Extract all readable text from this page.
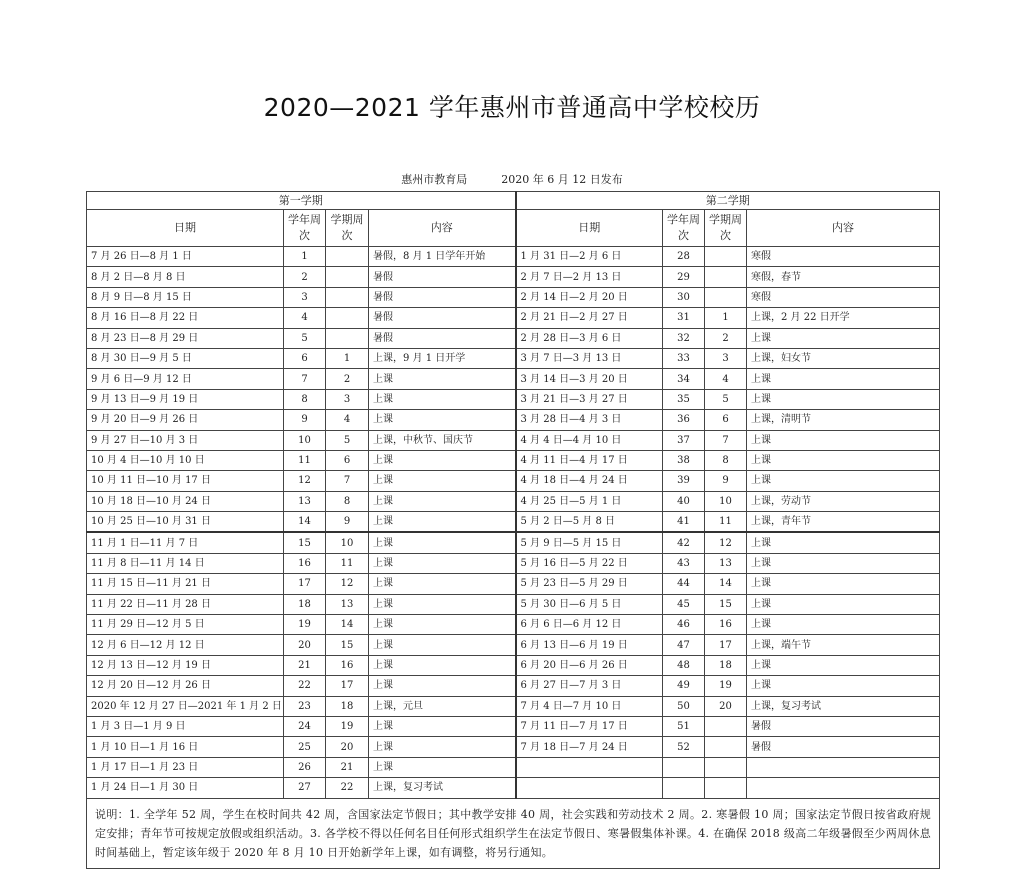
2020—2021 学年惠州市普通高中学校校历
惠州市教育局	2020 年 6 月 12 日发布
第一学期				第二学期			
日期	学年周次	学期周次	内容	日期	学年周次	学期周次	内容
7 月 26 日—8 月 1 日	1		暑假，8 月 1 日学年开始	1 月 31 日—2 月 6 日	28		寒假
8 月 2 日—8 月 8 日	2		暑假	2 月 7 日—2 月 13 日	29		寒假，春节
8 月 9 日—8 月 15 日	3		暑假	2 月 14 日—2 月 20 日	30		寒假
8 月 16 日—8 月 22 日	4		暑假	2 月 21 日—2 月 27 日	31	1	上课，2 月 22 日开学
8 月 23 日—8 月 29 日	5		暑假	2 月 28 日—3 月 6 日	32	2	上课
8 月 30 日—9 月 5 日	6	1	上课，9 月 1 日开学	3 月 7 日—3 月 13 日	33	3	上课，妇女节
9 月 6 日—9 月 12 日	7	2	上课	3 月 14 日—3 月 20 日	34	4	上课
9 月 13 日—9 月 19 日	8	3	上课	3 月 21 日—3 月 27 日	35	5	上课
9 月 20 日—9 月 26 日	9	4	上课	3 月 28 日—4 月 3 日	36	6	上课，清明节
9 月 27 日—10 月 3 日	10	5	上课，中秋节、国庆节	4 月 4 日—4 月 10 日	37	7	上课
10 月 4 日—10 月 10 日	11	6	上课	4 月 11 日—4 月 17 日	38	8	上课
10 月 11 日—10 月 17 日	12	7	上课	4 月 18 日—4 月 24 日	39	9	上课
10 月 18 日—10 月 24 日	13	8	上课	4 月 25 日—5 月 1 日	40	10	上课，劳动节
10 月 25 日—10 月 31 日	14	9	上课	5 月 2 日—5 月 8 日	41	11	上课，青年节
11 月 1 日—11 月 7 日	15	10	上课	5 月 9 日—5 月 15 日	42	12	上课
11 月 8 日—11 月 14 日	16	11	上课	5 月 16 日—5 月 22 日	43	13	上课
11 月 15 日—11 月 21 日	17	12	上课	5 月 23 日—5 月 29 日	44	14	上课
11 月 22 日—11 月 28 日	18	13	上课	5 月 30 日—6 月 5 日	45	15	上课
11 月 29 日—12 月 5 日	19	14	上课	6 月 6 日—6 月 12 日	46	16	上课
12 月 6 日—12 月 12 日	20	15	上课	6 月 13 日—6 月 19 日	47	17	上课，端午节
12 月 13 日—12 月 19 日	21	16	上课	6 月 20 日—6 月 26 日	48	18	上课
12 月 20 日—12 月 26 日	22	17	上课	6 月 27 日—7 月 3 日	49	19	上课
2020 年 12 月 27 日—2021 年 1 月 2 日	23	18	上课，元旦	7 月 4 日—7 月 10 日	50	20	上课，复习考试
1 月 3 日—1 月 9 日	24	19	上课	7 月 11 日—7 月 17 日	51		暑假
1 月 10 日—1 月 16 日	25	20	上课	7 月 18 日—7 月 24 日	52		暑假
1 月 17 日—1 月 23 日	26	21	上课				
1 月 24 日—1 月 30 日	27	22	上课，复习考试				
说明：1. 全学年 52 周，学生在校时间共 42 周，含国家法定节假日；其中教学安排 40 周，社会实践和劳动技术 2 周。2. 寒暑假 10 周；国家法定节假日按省政府规定安排；青年节可按规定放假或组织活动。3. 各学校不得以任何名目任何形式组织学生在法定节假日、寒暑假集体补课。4. 在确保 2018 级高二年级暑假至少两周休息时间基础上，暂定该年级于 2020 年 8 月 10 日开始新学年上课，如有调整，将另行通知。							
